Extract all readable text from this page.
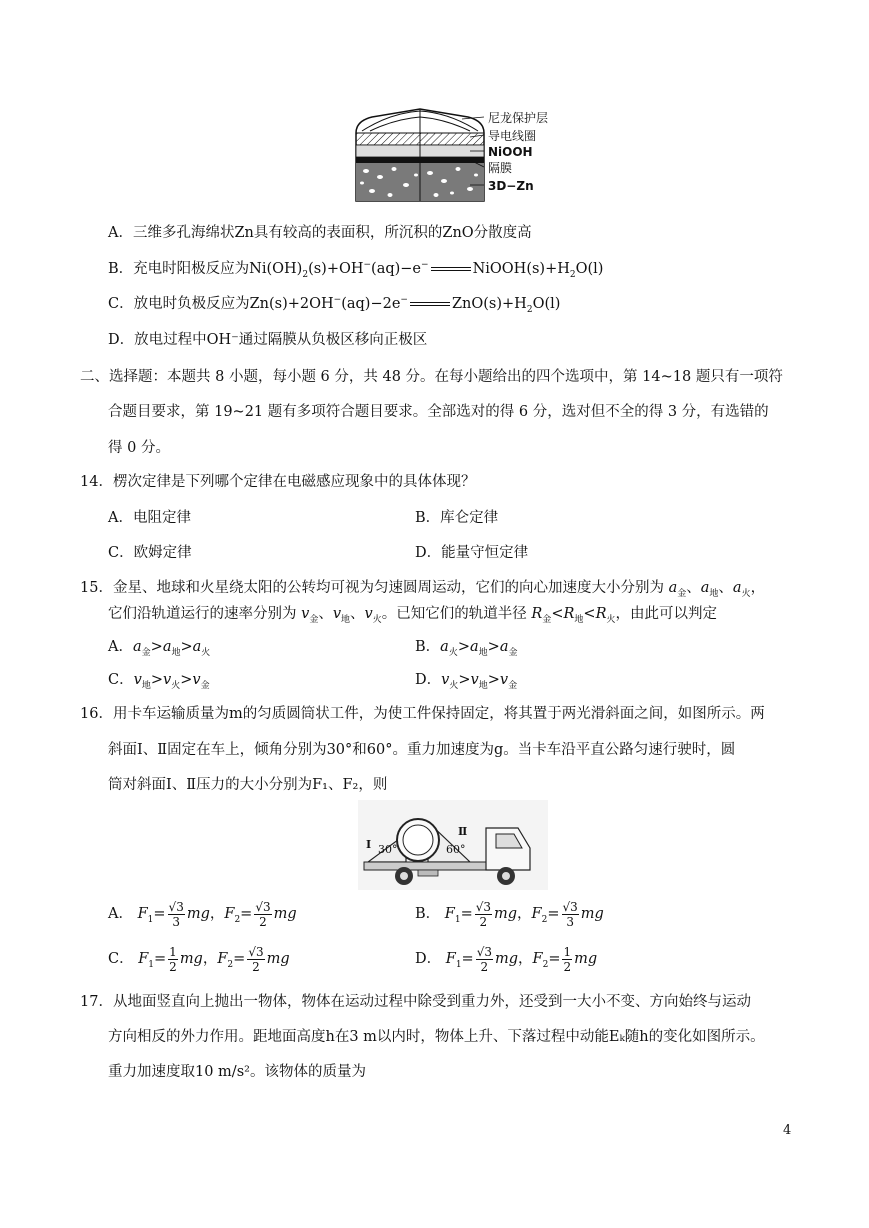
尼龙保护层
导电线圈
NiOOH
隔膜
3D−Zn
A．三维多孔海绵状Zn具有较高的表面积，所沉积的ZnO分散度高
B．充电时阳极反应为$Ni(OH)_2(s)+OH^-(aq)-e^-$	$NiOOH(s)+H_2O(l)$
C．放电时负极反应为Zn(s)+2OH−(aq)−2e−	$ZnO(s)+H_2O(l)$
D．放电过程中OH⁻通过隔膜从负极区移向正极区
二、选择题：本题共 8 小题，每小题 6 分，共 48 分。在每小题给出的四个选项中，第 14~18 题只有一项符
合题目要求，第 19~21 题有多项符合题目要求。全部选对的得 6 分，选对但不全的得 3 分，有选错的
得 0 分。
14．楞次定律是下列哪个定律在电磁感应现象中的具体体现？
A．电阻定律	B．库仑定律
C．欧姆定律	D．能量守恒定律
15．金星、地球和火星绕太阳的公转均可视为匀速圆周运动，它们的向心加速度大小分别为 $a_金$、$a_地$、$a_火$，
它们沿轨道运行的速率分别为 $v_金$、$v_地$、$v_火$。已知它们的轨道半径 $R_金<R_地<R_火$，由此可以判定
A．$a_金>a_地>a_火$	B．$a_火>a_地>a_金$
C．$v_地>v_火>v_金$	D．$v_火>v_地>v_金$
16．用卡车运输质量为m的匀质圆筒状工件，为使工件保持固定，将其置于两光滑斜面之间，如图所示。两
斜面Ⅰ、Ⅱ固定在车上，倾角分别为30°和60°。重力加速度为g。当卡车沿平直公路匀速行驶时，圆
筒对斜面Ⅰ、Ⅱ压力的大小分别为F₁、F₂，则
Ⅰ
Ⅱ
30°	60°
A． $F_1= \frac{√3}{3}$ mg，$F_2= \frac{√3}{2}$ mg	B． $F_1= \frac{√3}{2}$ mg，$F_2= \frac{√3}{3}$ mg
C． $F_1= \frac{1}{2}$ mg，$F_2= \frac{√3}{2}$ mg	D． $F_1= \frac{√3}{2}$ mg，$F_2= \frac{1}{2}$ mg
17．从地面竖直向上抛出一物体，物体在运动过程中除受到重力外，还受到一大小不变、方向始终与运动
方向相反的外力作用。距地面高度h在3 m以内时，物体上升、下落过程中动能Eₖ随h的变化如图所示。
重力加速度取10 m/s²。该物体的质量为
4
